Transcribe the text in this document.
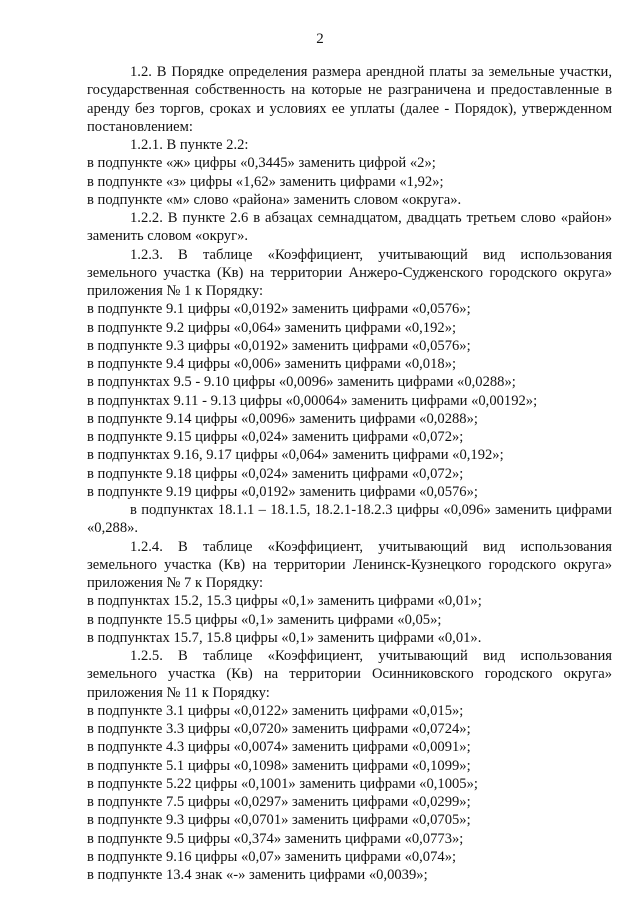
2

1.2. В Порядке определения размера арендной платы за земельные участки, государственная собственность на которые не разграничена и предоставленные в аренду без торгов, сроках и условиях ее уплаты (далее - Порядок), утвержденном постановлением:

1.2.1. В пункте 2.2:

в подпункте «ж» цифры «0,3445» заменить цифрой «2»;

в подпункте «з» цифры «1,62» заменить цифрами «1,92»;

в подпункте «м» слово «района» заменить словом «округа».

1.2.2. В пункте 2.6 в абзацах семнадцатом, двадцать третьем слово «район» заменить словом «округ».

1.2.3. В таблице «Коэффициент, учитывающий вид использования земельного участка (Кв) на территории Анжеро-Судженского городского округа» приложения № 1 к Порядку:

в подпункте 9.1 цифры «0,0192» заменить цифрами «0,0576»;

в подпункте 9.2 цифры «0,064» заменить цифрами «0,192»;

в подпункте 9.3 цифры «0,0192» заменить цифрами «0,0576»;

в подпункте 9.4 цифры «0,006» заменить цифрами «0,018»;

в подпунктах 9.5 - 9.10 цифры «0,0096» заменить цифрами «0,0288»;

в подпунктах 9.11 - 9.13 цифры «0,00064» заменить цифрами «0,00192»;

в подпункте 9.14 цифры «0,0096» заменить цифрами «0,0288»;

в подпункте 9.15 цифры «0,024» заменить цифрами «0,072»;

в подпунктах 9.16, 9.17 цифры «0,064» заменить цифрами «0,192»;

в подпункте 9.18 цифры «0,024» заменить цифрами «0,072»;

в подпункте 9.19 цифры «0,0192» заменить цифрами «0,0576»;

в подпунктах 18.1.1 – 18.1.5, 18.2.1-18.2.3 цифры «0,096» заменить цифрами «0,288».

1.2.4. В таблице «Коэффициент, учитывающий вид использования земельного участка (Кв) на территории Ленинск-Кузнецкого городского округа» приложения № 7 к Порядку:

в подпунктах 15.2, 15.3 цифры «0,1» заменить цифрами «0,01»;

в подпункте 15.5 цифры «0,1» заменить цифрами «0,05»;

в подпунктах 15.7, 15.8 цифры «0,1» заменить цифрами «0,01».

1.2.5. В таблице «Коэффициент, учитывающий вид использования земельного участка (Кв) на территории Осинниковского городского округа» приложения № 11 к Порядку:

в подпункте 3.1 цифры «0,0122» заменить цифрами «0,015»;

в подпункте 3.3 цифры «0,0720» заменить цифрами «0,0724»;

в подпункте 4.3 цифры «0,0074» заменить цифрами «0,0091»;

в подпункте 5.1 цифры «0,1098» заменить цифрами «0,1099»;

в подпункте 5.22 цифры «0,1001» заменить цифрами «0,1005»;

в подпункте 7.5 цифры «0,0297» заменить цифрами «0,0299»;

в подпункте 9.3 цифры «0,0701» заменить цифрами «0,0705»;

в подпункте 9.5 цифры «0,374» заменить цифрами «0,0773»;

в подпункте 9.16 цифры «0,07» заменить цифрами «0,074»;

в подпункте 13.4 знак «-» заменить цифрами «0,0039»;
